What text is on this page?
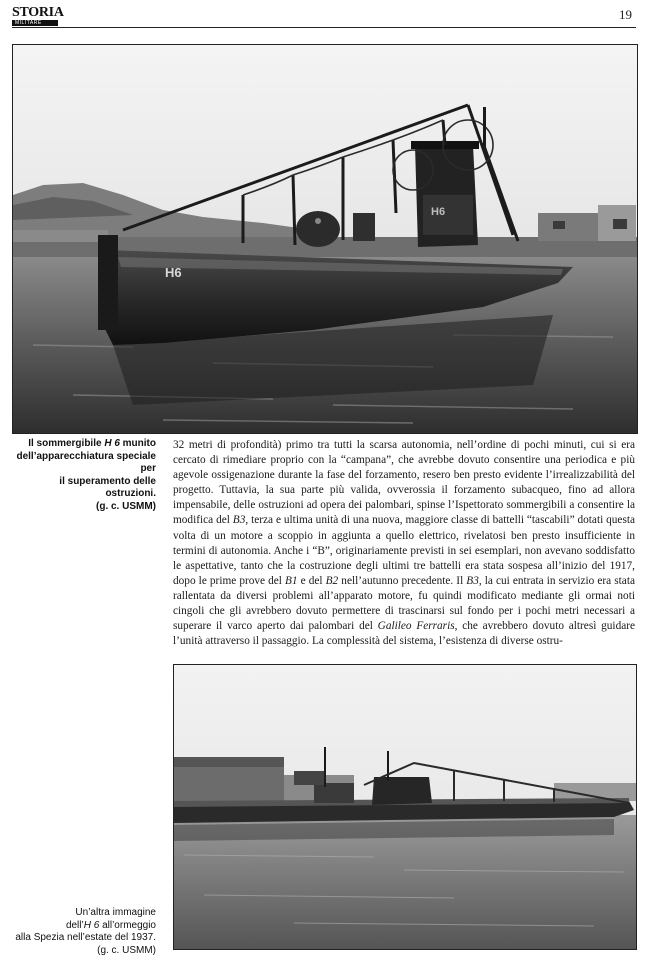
STORIA
MILITARE
19
H6
H6
Il sommergibile H 6 munito
dell’apparecchiatura speciale per
il superamento delle ostruzioni.
(g. c. USMM)

32 metri di profondità) primo tra tutti la scarsa autonomia, nell’ordine di pochi minuti, cui si era cercato di rimediare proprio con la “campana”, che avrebbe dovuto consentire una periodica e più agevole ossigenazione durante la fase del forzamento, resero ben presto evidente l’irrealizzabilità del progetto. Tuttavia, la sua parte più valida, ovverossia il forzamento subacqueo, fino ad allora impensabile, delle ostruzioni ad opera dei palombari, spinse l’Ispettorato sommergibili a consentire la modifica del B3, terza e ultima unità di una nuova, maggiore classe di battelli “tascabili” dotati questa volta di un motore a scoppio in aggiunta a quello elettrico, rivelatosi ben presto insufficiente in termini di autonomia. Anche i “B”, originariamente previsti in sei esemplari, non avevano soddisfatto le aspettative, tanto che la costruzione degli ultimi tre battelli era stata sospesa all’inizio del 1917, dopo le prime prove del B1 e del B2 nell’autunno precedente. Il B3, la cui entrata in servizio era stata rallentata da diversi problemi all’apparato motore, fu quindi modificato mediante gli ormai noti cingoli che gli avrebbero dovuto permettere di trascinarsi sul fondo per i pochi metri necessari a superare il varco aperto dai palombari del Galileo Ferraris, che avrebbero dovuto altresì guidare l’unità attraverso il passaggio. La complessità del sistema, l’esistenza di diverse ostru-

Un’altra immagine
dell’H 6 all’ormeggio
alla Spezia nell’estate del 1937.
(g. c. USMM)
